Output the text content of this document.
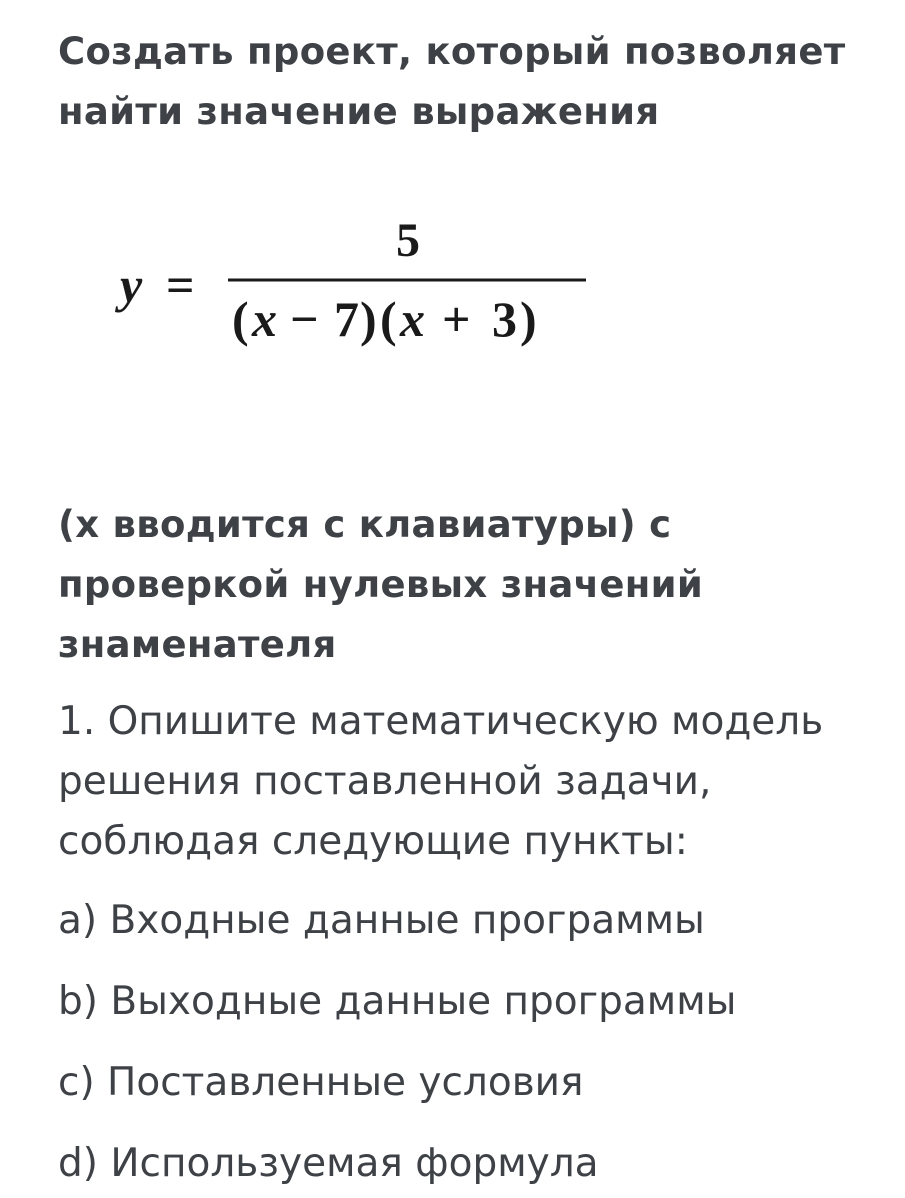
Создать проект, который позволяет
найти значение выражения
y =
5
( x − 7 ) ( x + 3 )
(x вводится с клавиатуры) с
проверкой нулевых значений
знаменателя

1. Опишите математическую модель
решения поставленной задачи,
соблюдая следующие пункты:

a) Входные данные программы

b) Выходные данные программы

c) Поставленные условия

d) Используемая формула
